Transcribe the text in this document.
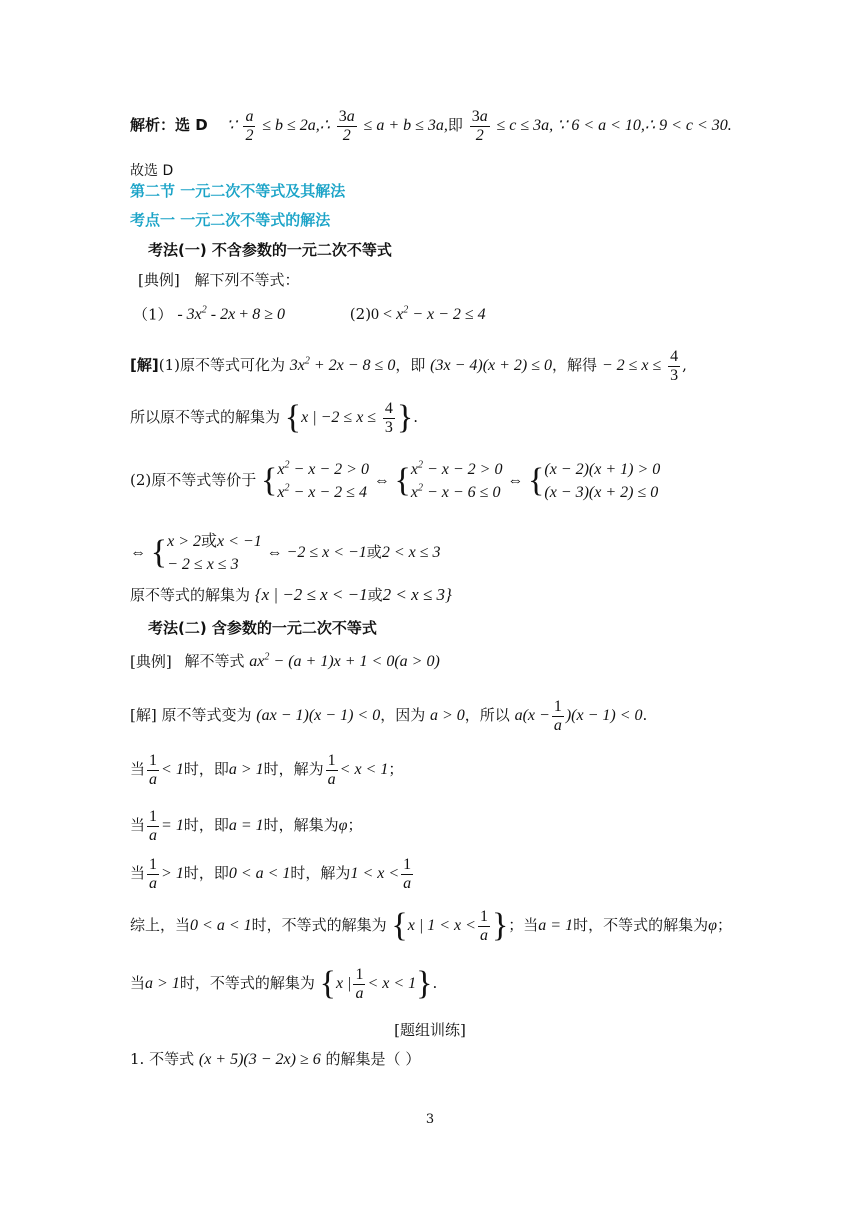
解析：选 D ∵ $\frac{a}{2} \le b$ ≤ 2a,∴ $\frac{3a}{2} \le a + b \le 3a$,即 $\frac{3a}{2} \le c \le 3a$, ∵ 6 < a < 10,∴ 9 < c < 30.
故选 D
第二节 一元二次不等式及其解法
考点一 一元二次不等式的解法
考法(一) 不含参数的一元二次不等式
[典例] 解下列不等式：
$(1) - 3x^2 - 2x + 8 \ge 0$	$(2)0 < x^2 - x - 2 \le 4$
[解](1)原不等式可化为 $3x^2 + 2x - 8 \le 0$，即 (3x − 4)(x + 2) ≤ 0，解得 − $2 \le x \le \frac{4}{3}$ ,
所以原不等式的解集为 {x | $-2 \le x \le \frac{4}{3}$ }.
(2)原不等式等价于 { $x^2 - x - 2 > 0$
$x^2 - x - 2 \le 4$
⇔ { $x^2 - x - 2 > 0$
$x^2 - x - 6 \le 0$
⇔ { (x − 2)(x + 1) > 0
(x − 3)(x + 2) ≤ 0
⇔ { x > 2或x < −1
− 2 ≤ x ≤ 3
⇔ −2 ≤ x < −1或2 < x ≤ 3
原不等式的解集为 {x | −2 ≤ x < −1或2 < x ≤ 3}
考法(二) 含参数的一元二次不等式
[典例] 解不等式 $ax^2 - (a + 1)x + 1 < 0(a > 0)$
[解] 原不等式变为 (ax − 1)(x − 1) < 0，因为 a > 0，所以 $a(x - \frac{1}{a} )(x - 1) < 0$.
当 $\frac{1}{a} < 1$时，即a > 1时，解为 $\frac{1}{a} < x < 1$；
当 $\frac{1}{a} = 1$时，即a = 1时，解集为φ；
当 $\frac{1}{a} > 1$时，即0 < a < 1时，解为$1 < x < \frac{1}{a}$
综上，当0 < a < 1时，不等式的解集为 {x | $1 < x < \frac{1}{a}$ }；当a = 1时，不等式的解集为φ；
当a > 1时，不等式的解集为 {x | $\frac{1}{a} < x < 1$}.
[题组训练]
1. 不等式 (x + 5)(3 − 2x) ≥ 6 的解集是（ ）
3
